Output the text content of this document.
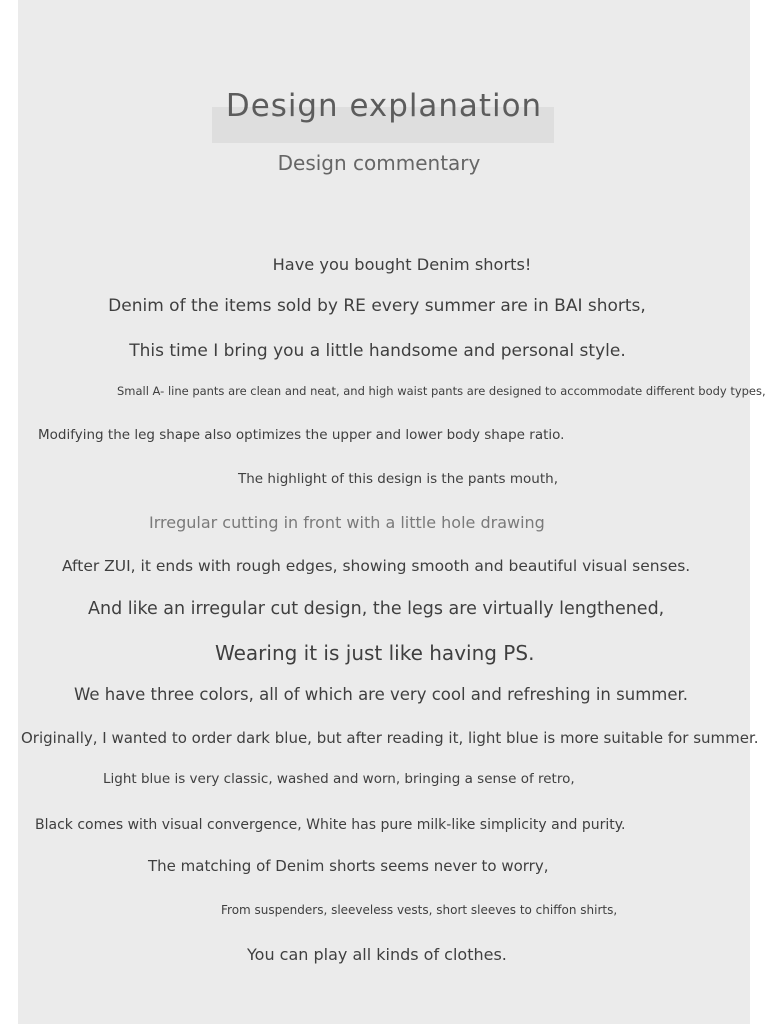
Design explanation
Design commentary
Have you bought Denim shorts!
Denim of the items sold by RE every summer are in BAI shorts,
This time I bring you a little handsome and personal style.
Small A- line pants are clean and neat, and high waist pants are designed to accommodate different body types,
Modifying the leg shape also optimizes the upper and lower body shape ratio.
The highlight of this design is the pants mouth,
Irregular cutting in front with a little hole drawing
After ZUI, it ends with rough edges, showing smooth and beautiful visual senses.
And like an irregular cut design, the legs are virtually lengthened,
Wearing it is just like having PS.
We have three colors, all of which are very cool and refreshing in summer.
Originally, I wanted to order dark blue, but after reading it, light blue is more suitable for summer.
Light blue is very classic, washed and worn, bringing a sense of retro,
Black comes with visual convergence, White has pure milk-like simplicity and purity.
The matching of Denim shorts seems never to worry,
From suspenders, sleeveless vests, short sleeves to chiffon shirts,
You can play all kinds of clothes.
